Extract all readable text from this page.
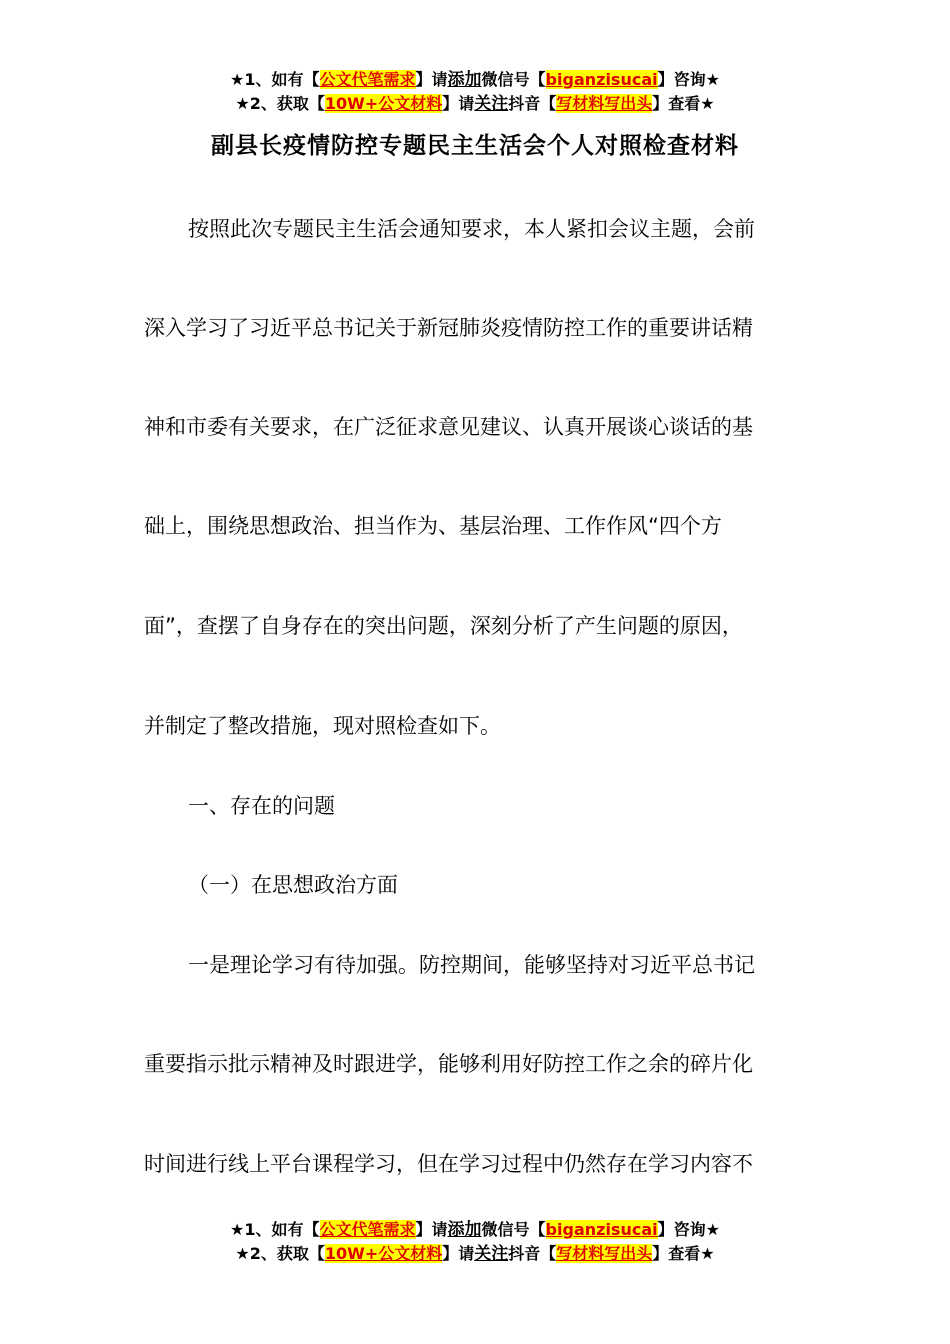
★1、如有【公文代笔需求】请添加微信号【biganzisucai】咨询★
★2、获取【10W+公文材料】请关注抖音【写材料写出头】查看★
副县长疫情防控专题民主生活会个人对照检查材料
按照此次专题民主生活会通知要求，本人紧扣会议主题，会前
深入学习了习近平总书记关于新冠肺炎疫情防控工作的重要讲话精
神和市委有关要求，在广泛征求意见建议、认真开展谈心谈话的基
础上，围绕思想政治、担当作为、基层治理、工作作风“四个方
面”，查摆了自身存在的突出问题，深刻分析了产生问题的原因，
并制定了整改措施，现对照检查如下。
一、存在的问题
（一）在思想政治方面
一是理论学习有待加强。防控期间，能够坚持对习近平总书记
重要指示批示精神及时跟进学，能够利用好防控工作之余的碎片化
时间进行线上平台课程学习，但在学习过程中仍然存在学习内容不
★1、如有【公文代笔需求】请添加微信号【biganzisucai】咨询★
★2、获取【10W+公文材料】请关注抖音【写材料写出头】查看★
